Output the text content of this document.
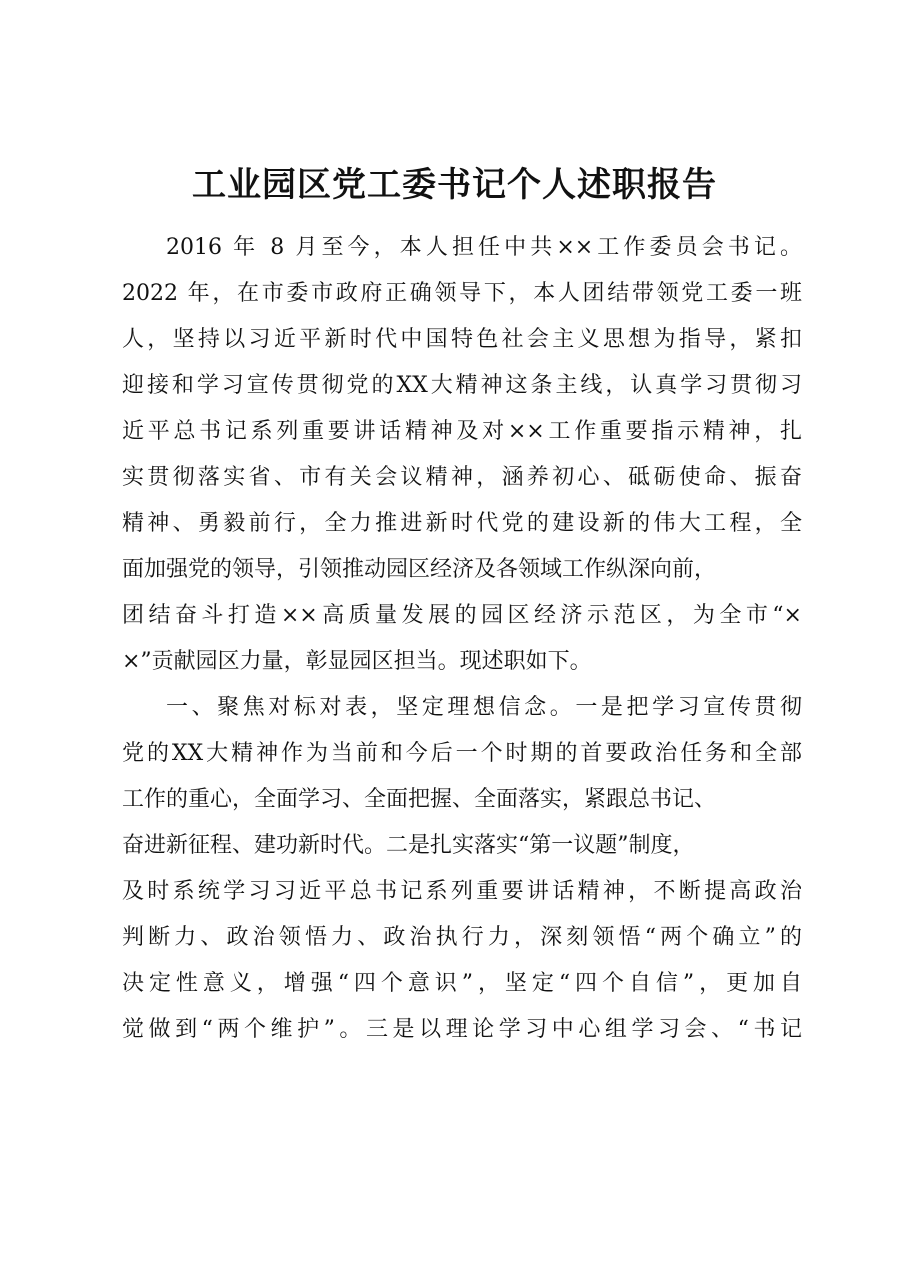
工业园区党工委书记个人述职报告
2016 年 8 月至今，本人担任中共××工作委员会书记。
2022 年，在市委市政府正确领导下，本人团结带领党工委一班
人，坚持以习近平新时代中国特色社会主义思想为指导，紧扣
迎接和学习宣传贯彻党的XX大精神这条主线，认真学习贯彻习
近平总书记系列重要讲话精神及对××工作重要指示精神，扎
实贯彻落实省、市有关会议精神，涵养初心、砥砺使命、振奋
精神、勇毅前行，全力推进新时代党的建设新的伟大工程，全
面加强党的领导，引领推动园区经济及各领域工作纵深向前，
团结奋斗打造××高质量发展的园区经济示范区，为全市“×
×”贡献园区力量，彰显园区担当。现述职如下。
一、聚焦对标对表，坚定理想信念。一是把学习宣传贯彻
党的XX大精神作为当前和今后一个时期的首要政治任务和全部
工作的重心，全面学习、全面把握、全面落实，紧跟总书记、
奋进新征程、建功新时代。二是扎实落实“第一议题”制度，
及时系统学习习近平总书记系列重要讲话精神，不断提高政治
判断力、政治领悟力、政治执行力，深刻领悟“两个确立”的
决定性意义，增强“四个意识”，坚定“四个自信”，更加自
觉做到“两个维护”。三是以理论学习中心组学习会、“书记
